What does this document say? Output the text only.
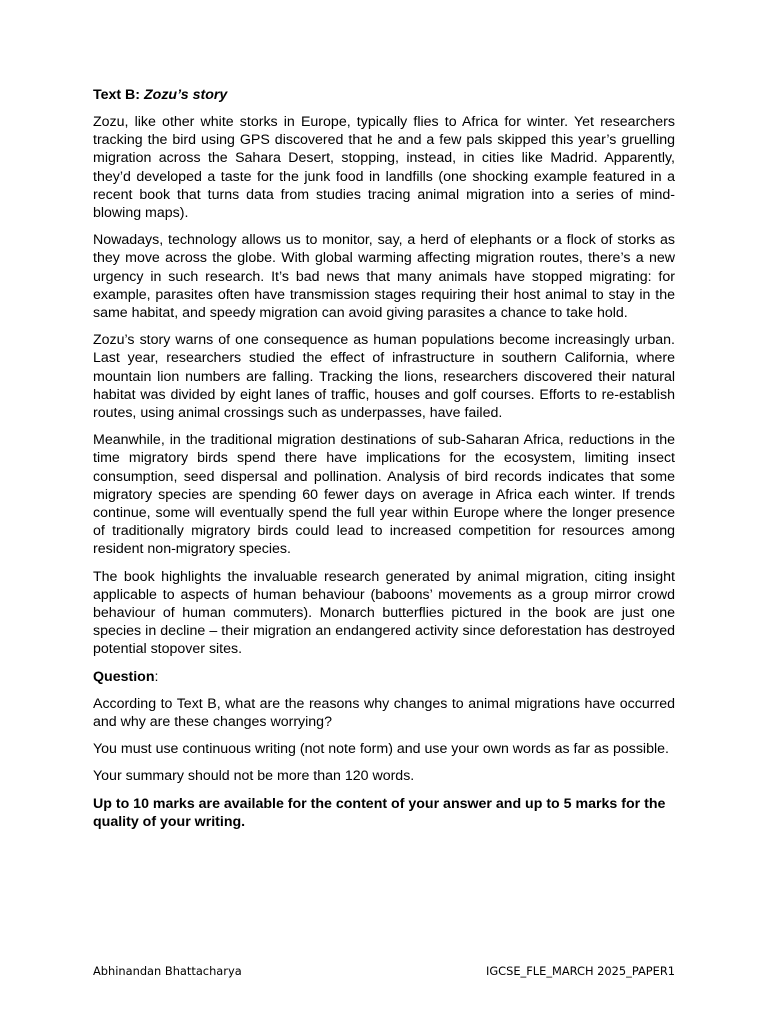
Text B: Zozu’s story

Zozu, like other white storks in Europe, typically flies to Africa for winter. Yet researchers tracking the bird using GPS discovered that he and a few pals skipped this year’s gruelling migration across the Sahara Desert, stopping, instead, in cities like Madrid. Apparently, they’d developed a taste for the junk food in landfills (one shocking example featured in a recent book that turns data from studies tracing animal migration into a series of mind-blowing maps).

Nowadays, technology allows us to monitor, say, a herd of elephants or a flock of storks as they move across the globe. With global warming affecting migration routes, there’s a new urgency in such research. It’s bad news that many animals have stopped migrating: for example, parasites often have transmission stages requiring their host animal to stay in the same habitat, and speedy migration can avoid giving parasites a chance to take hold.

Zozu’s story warns of one consequence as human populations become increasingly urban. Last year, researchers studied the effect of infrastructure in southern California, where mountain lion numbers are falling. Tracking the lions, researchers discovered their natural habitat was divided by eight lanes of traffic, houses and golf courses. Efforts to re-establish routes, using animal crossings such as underpasses, have failed.

Meanwhile, in the traditional migration destinations of sub-Saharan Africa, reductions in the time migratory birds spend there have implications for the ecosystem, limiting insect consumption, seed dispersal and pollination. Analysis of bird records indicates that some migratory species are spending 60 fewer days on average in Africa each winter. If trends continue, some will eventually spend the full year within Europe where the longer presence of traditionally migratory birds could lead to increased competition for resources among resident non-migratory species.

The book highlights the invaluable research generated by animal migration, citing insight applicable to aspects of human behaviour (baboons’ movements as a group mirror crowd behaviour of human commuters). Monarch butterflies pictured in the book are just one species in decline – their migration an endangered activity since deforestation has destroyed potential stopover sites.

Question:

According to Text B, what are the reasons why changes to animal migrations have occurred and why are these changes worrying?

You must use continuous writing (not note form) and use your own words as far as possible.

Your summary should not be more than 120 words.

Up to 10 marks are available for the content of your answer and up to 5 marks for the quality of your writing.

Abhinandan Bhattacharya	IGCSE_FLE_MARCH 2025_PAPER1
